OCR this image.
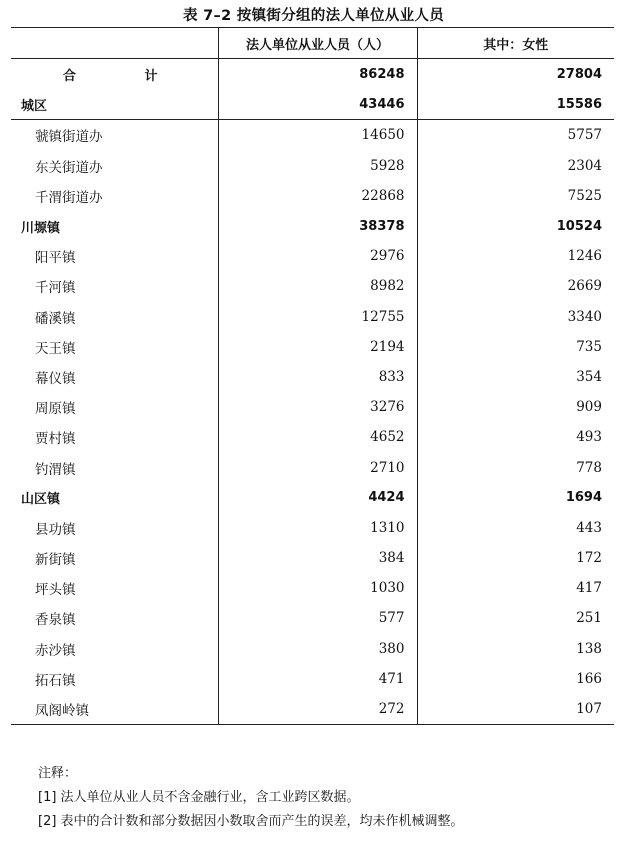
表 7–2 按镇街分组的法人单位从业人员
	法人单位从业人员（人）	其中：女性
合 计	86248	27804
城区	43446	15586
虢镇街道办	14650	5757
东关街道办	5928	2304
千渭街道办	22868	7525
川塬镇	38378	10524
阳平镇	2976	1246
千河镇	8982	2669
磻溪镇	12755	3340
天王镇	2194	735
幕仪镇	833	354
周原镇	3276	909
贾村镇	4652	493
钓渭镇	2710	778
山区镇	4424	1694
县功镇	1310	443
新街镇	384	172
坪头镇	1030	417
香泉镇	577	251
赤沙镇	380	138
拓石镇	471	166
凤阁岭镇	272	107
注释：
[1] 法人单位从业人员不含金融行业，含工业跨区数据。
[2] 表中的合计数和部分数据因小数取舍而产生的误差，均未作机械调整。
